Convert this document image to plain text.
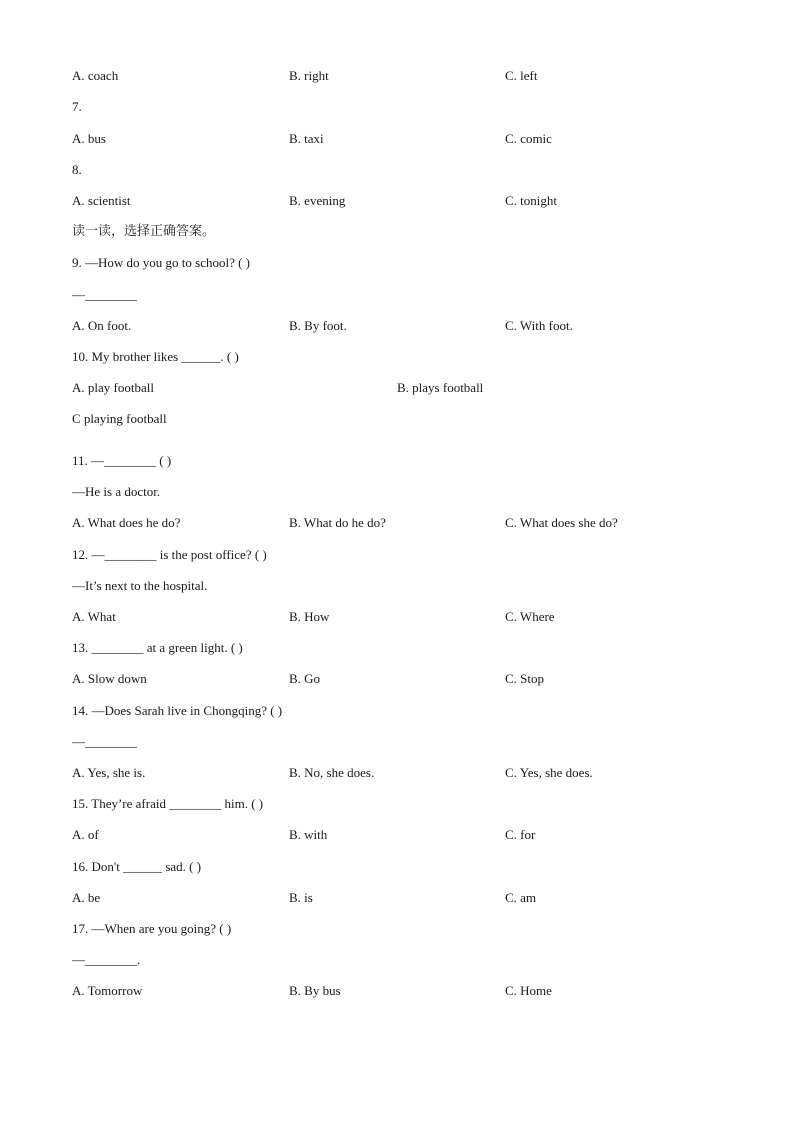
A. coach	B. right	C. left
7.
A. bus	B. taxi	C. comic
8.
A. scientist	B. evening	C. tonight
读一读，选择正确答案。
9. —How do you go to school? ( )
—________
A. On foot.	B. By foot.	C. With foot.
10. My brother likes ______. ( )
A. play football	B. plays football
C playing football
11. —________ ( )
—He is a doctor.
A. What does he do?	B. What do he do?	C. What does she do?
12. —________ is the post office? ( )
—It’s next to the hospital.
A. What	B. How	C. Where
13. ________ at a green light. ( )
A. Slow down	B. Go	C. Stop
14. —Does Sarah live in Chongqing? ( )
—________
A. Yes, she is.	B. No, she does.	C. Yes, she does.
15. They’re afraid ________ him. ( )
A. of	B. with	C. for
16. Don't ______ sad. ( )
A. be	B. is	C. am
17. —When are you going? ( )
—________.
A. Tomorrow	B. By bus	C. Home
